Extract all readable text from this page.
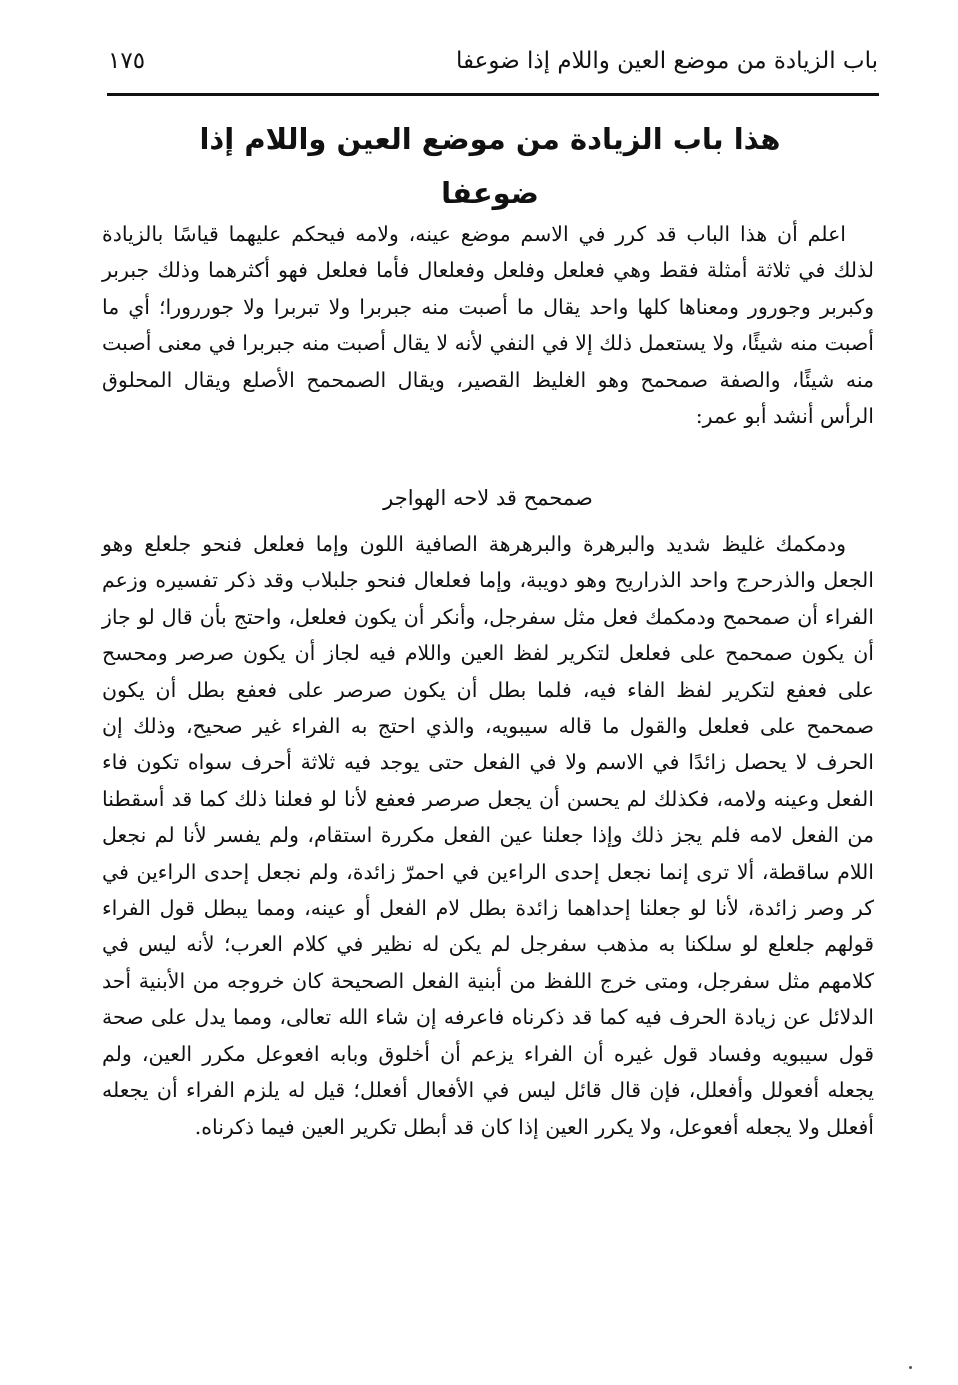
باب الزيادة من موضع العين واللام إذا ضوعفا
١٧٥
هذا باب الزيادة من موضع العين واللام إذا ضوعفا

اعلم أن هذا الباب قد كرر في الاسم موضع عينه، ولامه فيحكم عليهما قياسًا بالزيادة لذلك في ثلاثة أمثلة فقط وهي فعلعل وفلعل وفعلعال فأما فعلعل فهو أكثرهما وذلك جبربر وكبربر وجورور ومعناها كلها واحد يقال ما أصبت منه جبربرا ولا تبربرا ولا جوررورا؛ أي ما أصبت منه شيئًا، ولا يستعمل ذلك إلا في النفي لأنه لا يقال أصبت منه جبربرا في معنى أصبت منه شيئًا، والصفة صمحمح وهو الغليظ القصير، ويقال الصمحمح الأصلع ويقال المحلوق الرأس أنشد أبو عمر:

صمحمح قد لاحه الهواجر

ودمكمك غليظ شديد والبرهرة والبرهرهة الصافية اللون وإما فعلعل فنحو جلعلع وهو الجعل والذرحرج واحد الذراريح وهو دويبة، وإما فعلعال فنحو جلبلاب وقد ذكر تفسيره وزعم الفراء أن صمحمح ودمكمك فعل مثل سفرجل، وأنكر أن يكون فعلعل، واحتج بأن قال لو جاز أن يكون صمحمح على فعلعل لتكرير لفظ العين واللام فيه لجاز أن يكون صرصر ومحسح على فعفع لتكرير لفظ الفاء فيه، فلما بطل أن يكون صرصر على فعفع بطل أن يكون صمحمح على فعلعل والقول ما قاله سيبويه، والذي احتج به الفراء غير صحيح، وذلك إن الحرف لا يحصل زائدًا في الاسم ولا في الفعل حتى يوجد فيه ثلاثة أحرف سواه تكون فاء الفعل وعينه ولامه، فكذلك لم يحسن أن يجعل صرصر فعفع لأنا لو فعلنا ذلك كما قد أسقطنا من الفعل لامه فلم يجز ذلك وإذا جعلنا عين الفعل مكررة استقام، ولم يفسر لأنا لم نجعل اللام ساقطة، ألا ترى إنما نجعل إحدى الراءين في احمرّ زائدة، ولم نجعل إحدى الراءين في كر وصر زائدة، لأنا لو جعلنا إحداهما زائدة بطل لام الفعل أو عينه، ومما يبطل قول الفراء قولهم جلعلع لو سلكنا به مذهب سفرجل لم يكن له نظير في كلام العرب؛ لأنه ليس في كلامهم مثل سفرجل، ومتى خرج اللفظ من أبنية الفعل الصحيحة كان خروجه من الأبنية أحد الدلائل عن زيادة الحرف فيه كما قد ذكرناه فاعرفه إن شاء الله تعالى، ومما يدل على صحة قول سيبويه وفساد قول غيره أن الفراء يزعم أن أخلوق وبابه افعوعل مكرر العين، ولم يجعله أفعولل وأفعلل، فإن قال قائل ليس في الأفعال أفعلل؛ قيل له يلزم الفراء أن يجعله أفعلل ولا يجعله أفعوعل، ولا يكرر العين إذا كان قد أبطل تكرير العين فيما ذكرناه.
